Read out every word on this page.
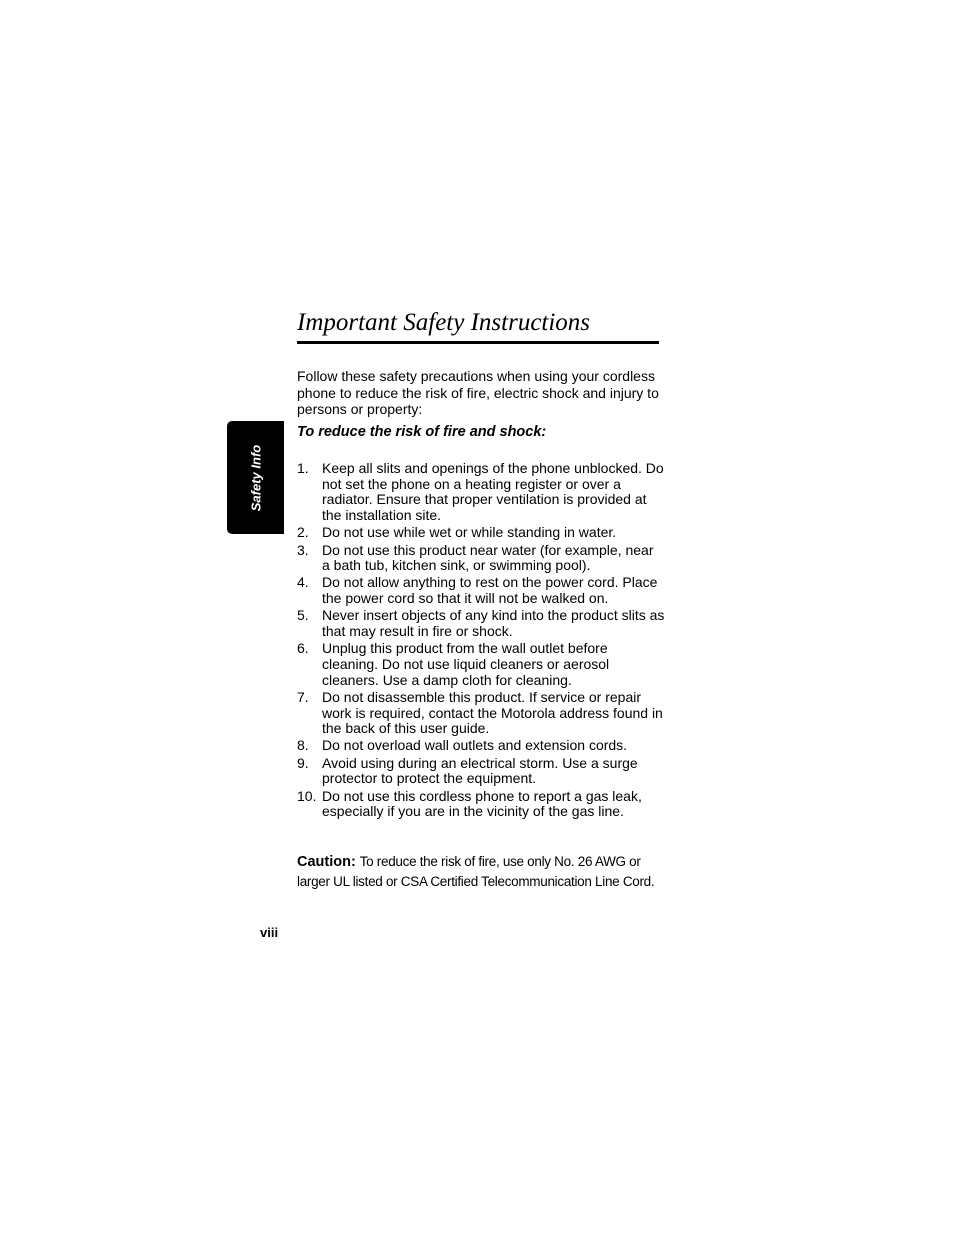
Important Safety Instructions
Safety Info

Follow these safety precautions when using your cordless phone to reduce the risk of fire, electric shock and injury to persons or property:

To reduce the risk of fire and shock:

1. Keep all slits and openings of the phone unblocked. Do not set the phone on a heating register or over a radiator. Ensure that proper ventilation is provided at the installation site.
2. Do not use while wet or while standing in water.
3. Do not use this product near water (for example, near a bath tub, kitchen sink, or swimming pool).
4. Do not allow anything to rest on the power cord. Place the power cord so that it will not be walked on.
5. Never insert objects of any kind into the product slits as that may result in fire or shock.
6. Unplug this product from the wall outlet before cleaning. Do not use liquid cleaners or aerosol cleaners. Use a damp cloth for cleaning.
7. Do not disassemble this product. If service or repair work is required, contact the Motorola address found in the back of this user guide.
8. Do not overload wall outlets and extension cords.
9. Avoid using during an electrical storm. Use a surge protector to protect the equipment.
10. Do not use this cordless phone to report a gas leak, especially if you are in the vicinity of the gas line.

Caution: To reduce the risk of fire, use only No. 26 AWG or larger UL listed or CSA Certified Telecommunication Line Cord.

viii
